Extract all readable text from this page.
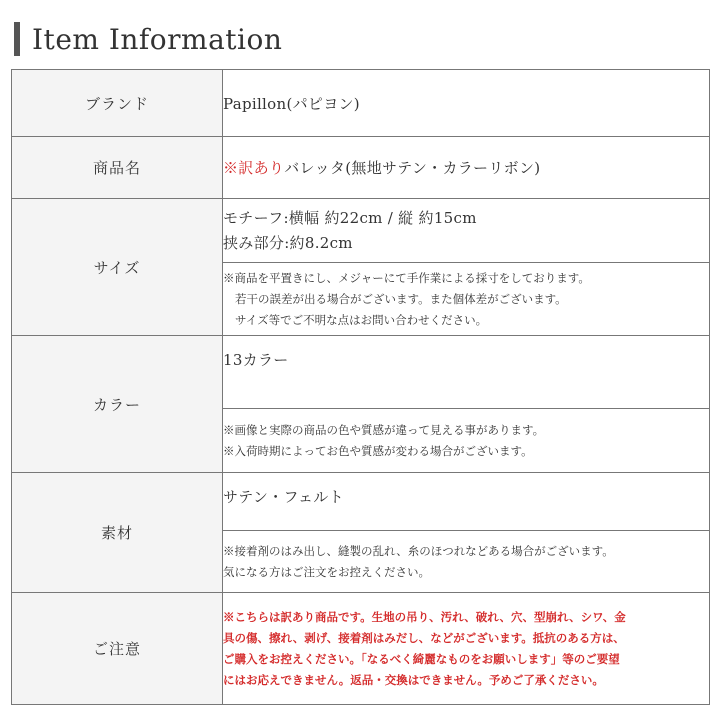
Item Information
ブランド	Papillon(パピヨン)
商品名	※訳ありバレッタ(無地サテン・カラーリボン)
サイズ	モチーフ:横幅 約22cm / 縦 約15cm
挟み部分:約8.2cm

	※商品を平置きにし、メジャーにて手作業による採寸をしております。
若干の誤差が出る場合がございます。また個体差がございます。
サイズ等でご不明な点はお問い合わせください。

カラー	13カラー

	※画像と実際の商品の色や質感が違って見える事があります。
※入荷時期によってお色や質感が変わる場合がございます。

素材	サテン・フェルト

	※接着剤のはみ出し、縫製の乱れ、糸のほつれなどある場合がございます。
気になる方はご注文をお控えください。

ご注意	※こちらは訳あり商品です。生地の吊り、汚れ、破れ、穴、型崩れ、シワ、金
具の傷、擦れ、剥げ、接着剤はみだし、などがございます。抵抗のある方は、
ご購入をお控えください。「なるべく綺麗なものをお願いします」等のご要望
にはお応えできません。返品・交換はできません。予めご了承ください。
